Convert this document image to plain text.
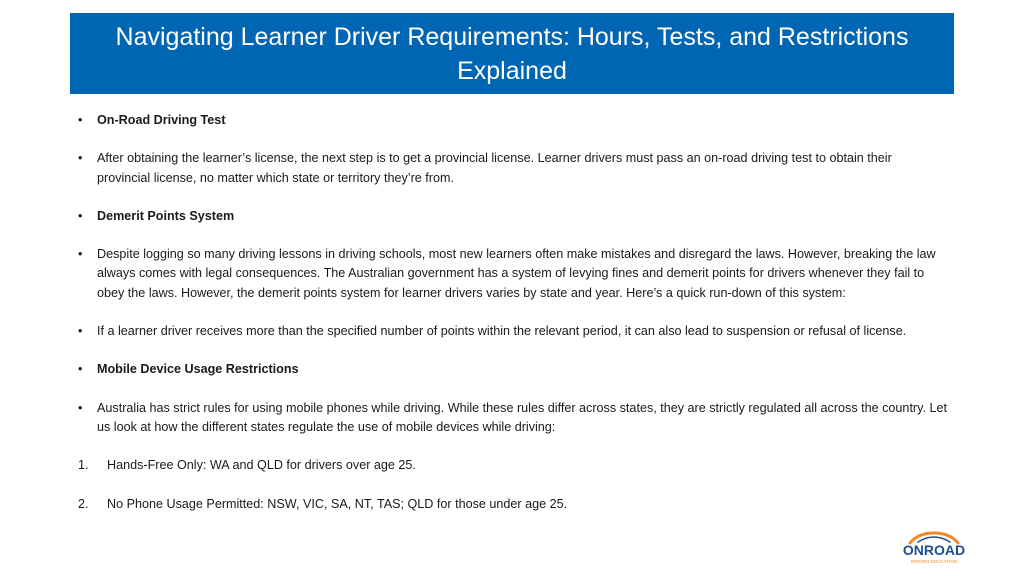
Navigating Learner Driver Requirements: Hours, Tests, and Restrictions Explained
• On-Road Driving Test
• After obtaining the learner’s license, the next step is to get a provincial license. Learner drivers must pass an on-road driving test to obtain their provincial license, no matter which state or territory they’re from.
• Demerit Points System
• Despite logging so many driving lessons in driving schools, most new learners often make mistakes and disregard the laws. However, breaking the law always comes with legal consequences. The Australian government has a system of levying fines and demerit points for drivers whenever they fail to obey the laws. However, the demerit points system for learner drivers varies by state and year. Here’s a quick run-down of this system:
• If a learner driver receives more than the specified number of points within the relevant period, it can also lead to suspension or refusal of license.
• Mobile Device Usage Restrictions
• Australia has strict rules for using mobile phones while driving. While these rules differ across states, they are strictly regulated all across the country. Let us look at how the different states regulate the use of mobile devices while driving:
1. Hands-Free Only: WA and QLD for drivers over age 25.
2. No Phone Usage Permitted: NSW, VIC, SA, NT, TAS; QLD for those under age 25.
ONROAD
DRIVING EDUCATION
